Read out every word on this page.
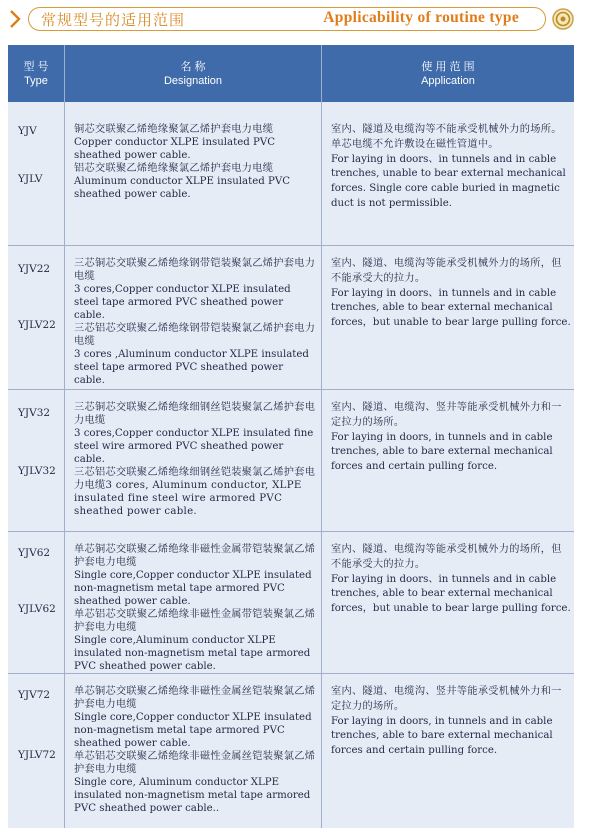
常规型号的适用范围	Applicability of routine type
型 号
Type
名 称
Designation
使 用 范 围
Application
YJV
YJLV
铜芯交联聚乙烯绝缘聚氯乙烯护套电力电缆
Copper conductor XLPE insulated PVC sheathed power cable.
铝芯交联聚乙烯绝缘聚氯乙烯护套电力电缆
Aluminum conductor XLPE insulated PVC sheathed power cable.
室内、隧道及电缆沟等不能承受机械外力的场所。
单芯电缆不允许敷设在磁性管道中。
For laying in doors、in tunnels and in cable trenches, unable to bear external mechanical forces. Single core cable buried in magnetic duct is not permissible.
YJV22
YJLV22
三芯铜芯交联聚乙烯绝缘钢带铠装聚氯乙烯护套电力电缆
3 cores,Copper conductor XLPE insulated steel tape armored PVC sheathed power cable.
三芯铝芯交联聚乙烯绝缘钢带铠装聚氯乙烯护套电力电缆
3 cores ,Aluminum conductor XLPE insulated steel tape armored PVC sheathed power cable.
室内、隧道、电缆沟等能承受机械外力的场所，但不能承受大的拉力。
For laying in doors、in tunnels and in cable trenches, able to bear external mechanical forces，but unable to bear large pulling force.
YJV32
YJLV32
三芯铜芯交联聚乙烯绝缘细钢丝铠装聚氯乙烯护套电力电缆
3 cores,Copper conductor XLPE insulated fine steel wire armored PVC sheathed power cable.
三芯铝芯交联聚乙烯绝缘细钢丝铠装聚氯乙烯护套电力电缆3 cores, Aluminum conductor, XLPE insulated fine steel wire armored PVC sheathed power cable.
室内、隧道、电缆沟、竖井等能承受机械外力和一定拉力的场所。
For laying in doors, in tunnels and in cable trenches, able to bare external mechanical forces and certain pulling force.
YJV62
YJLV62
单芯铜芯交联聚乙烯绝缘非磁性金属带铠装聚氯乙烯护套电力电缆
Single core,Copper conductor XLPE insulated non-magnetism metal tape armored PVC sheathed power cable.
单芯铝芯交联聚乙烯绝缘非磁性金属带铠装聚氯乙烯护套电力电缆
Single core,Aluminum conductor XLPE insulated non-magnetism metal tape armored PVC sheathed power cable.
室内、隧道、电缆沟等能承受机械外力的场所，但不能承受大的拉力。
For laying in doors、in tunnels and in cable trenches, able to bear external mechanical forces，but unable to bear large pulling force.
YJV72
YJLV72
单芯铜芯交联聚乙烯绝缘非磁性金属丝铠装聚氯乙烯护套电力电缆
Single core,Copper conductor XLPE insulated non-magnetism metal tape armored PVC sheathed power cable.
单芯铝芯交联聚乙烯绝缘非磁性金属丝铠装聚氯乙烯护套电力电缆
Single core, Aluminum conductor XLPE insulated non-magnetism metal tape armored PVC sheathed power cable..
室内、隧道、电缆沟、竖井等能承受机械外力和一定拉力的场所。
For laying in doors, in tunnels and in cable trenches, able to bare external mechanical forces and certain pulling force.
